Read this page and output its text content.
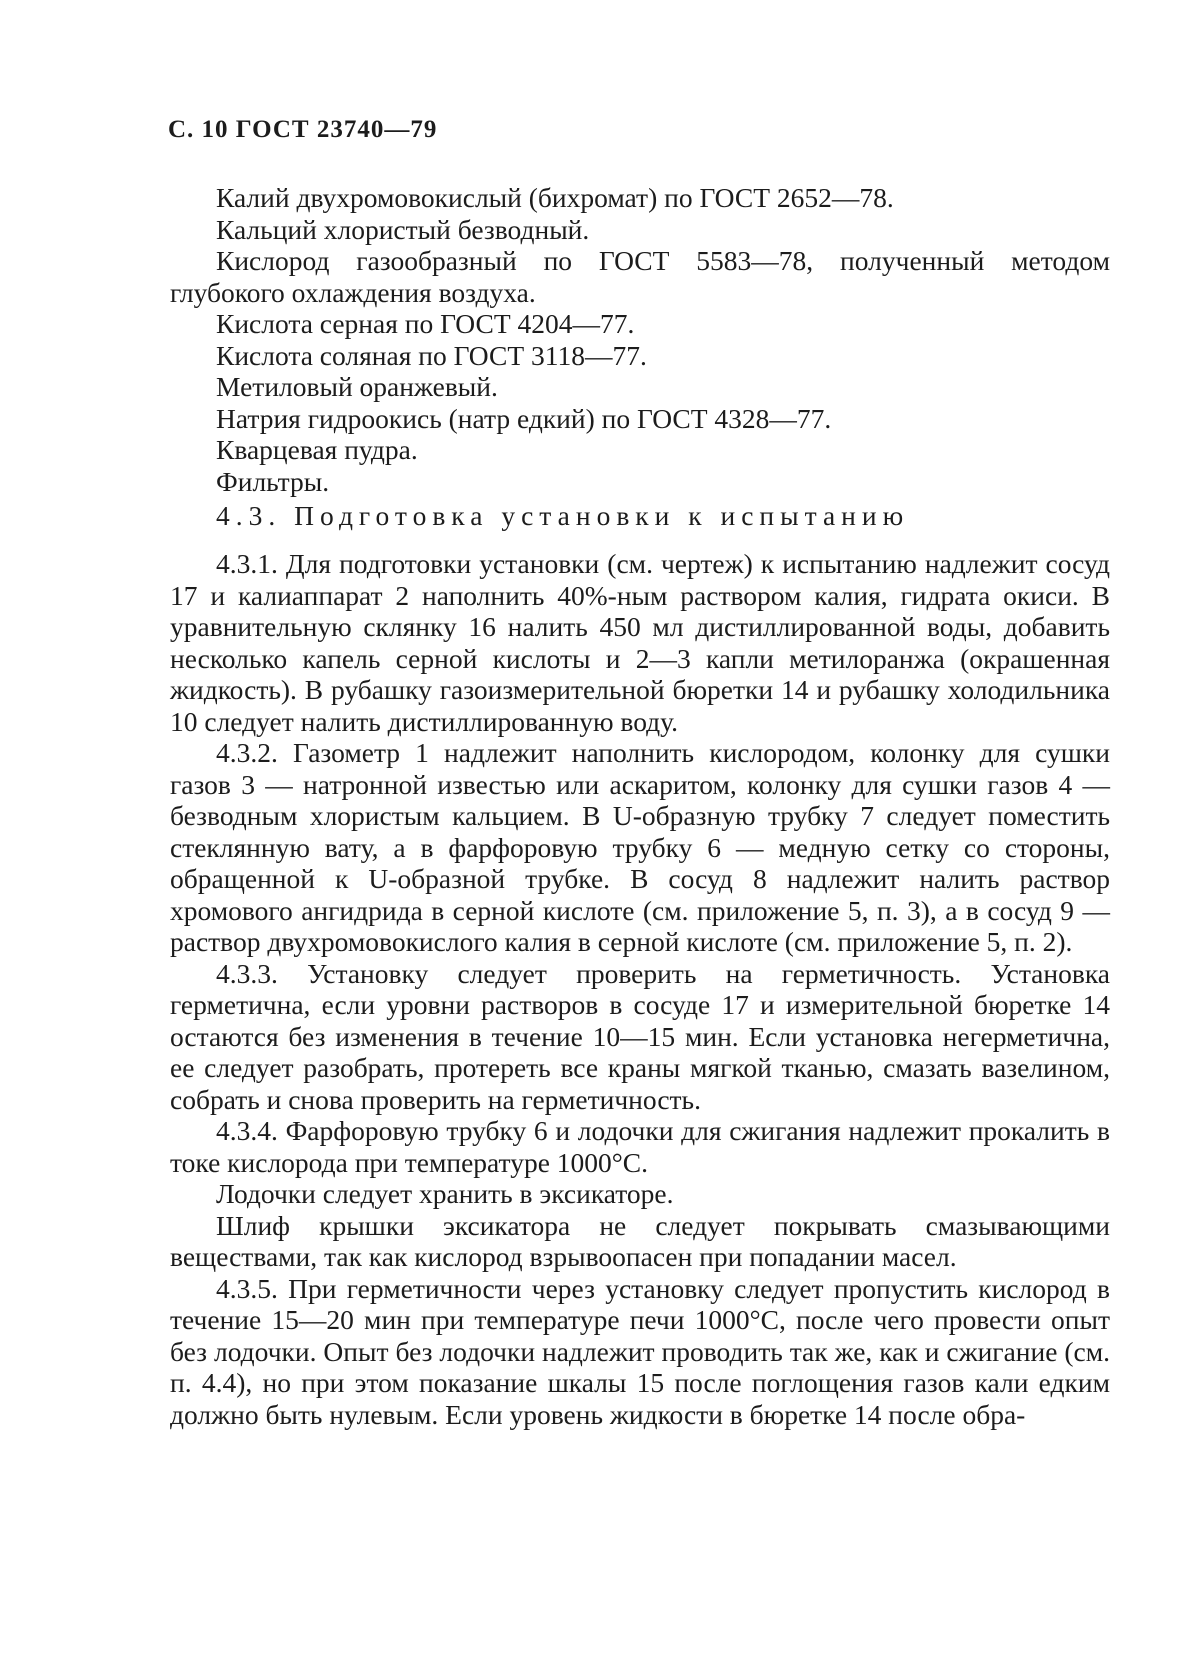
С. 10 ГОСТ 23740—79
Калий двухромовокислый (бихромат) по ГОСТ 2652—78.
Кальций хлористый безводный.
Кислород газообразный по ГОСТ 5583—78, полученный методом глубокого охлаждения воздуха.
Кислота серная по ГОСТ 4204—77.
Кислота соляная по ГОСТ 3118—77.
Метиловый оранжевый.
Натрия гидроокись (натр едкий) по ГОСТ 4328—77.
Кварцевая пудра.
Фильтры.
4.3. Подготовка установки к испытанию

4.3.1. Для подготовки установки (см. чертеж) к испытанию надлежит сосуд 17 и калиаппарат 2 наполнить 40%-ным раствором калия, гидрата окиси. В уравнительную склянку 16 налить 450 мл дистиллированной воды, добавить несколько капель серной кислоты и 2—3 капли метилоранжа (окрашенная жидкость). В рубашку газоизмерительной бюретки 14 и рубашку холодильника 10 следует налить дистиллированную воду.

4.3.2. Газометр 1 надлежит наполнить кислородом, колонку для сушки газов 3 — натронной известью или аскаритом, колонку для сушки газов 4 — безводным хлористым кальцием. В U-образную трубку 7 следует поместить стеклянную вату, а в фарфоровую трубку 6 — медную сетку со стороны, обращенной к U-образной трубке. В сосуд 8 надлежит налить раствор хромового ангидрида в серной кислоте (см. приложение 5, п. 3), а в сосуд 9 — раствор двухромовокислого калия в серной кислоте (см. приложение 5, п. 2).

4.3.3. Установку следует проверить на герметичность. Установка герметична, если уровни растворов в сосуде 17 и измерительной бюретке 14 остаются без изменения в течение 10—15 мин. Если установка негерметична, ее следует разобрать, протереть все краны мягкой тканью, смазать вазелином, собрать и снова проверить на герметичность.

4.3.4. Фарфоровую трубку 6 и лодочки для сжигания надлежит прокалить в токе кислорода при температуре 1000°С.

Лодочки следует хранить в эксикаторе.

Шлиф крышки эксикатора не следует покрывать смазывающими веществами, так как кислород взрывоопасен при попадании масел.

4.3.5. При герметичности через установку следует пропустить кислород в течение 15—20 мин при температуре печи 1000°С, после чего провести опыт без лодочки. Опыт без лодочки надлежит проводить так же, как и сжигание (см. п. 4.4), но при этом показание шкалы 15 после поглощения газов кали едким должно быть нулевым. Если уровень жидкости в бюретке 14 после обра-
